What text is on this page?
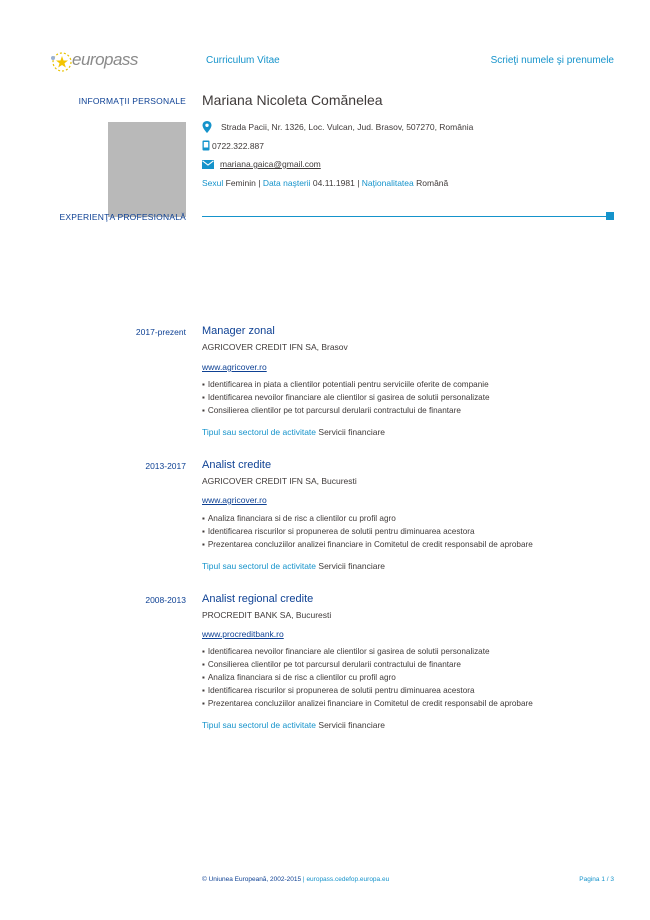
europass	Curriculum Vitae	Scrieţi numele şi prenumele
INFORMAŢII PERSONALE Mariana Nicoleta Comănelea
Strada Pacii, Nr. 1326, Loc. Vulcan, Jud. Brasov, 507270, România
0722.322.887
mariana.gaica@gmail.com
Sexul
Feminin | Data naşterii
04.11.1981 | Naţionalitatea
Română
EXPERIENŢA PROFESIONALĂ
2017-prezent Manager zonal
AGRICOVER CREDIT IFN SA, Brasov
www.agricover.ro
▪ Identificarea in piata a clientilor potentiali pentru serviciile oferite de companie
▪ Identificarea nevoilor financiare ale clientilor si gasirea de solutii personalizate
▪ Consilierea clientilor pe tot parcursul derularii contractului de finantare
Tipul sau sectorul de activitate Servicii financiare
2013-2017 Analist credite
AGRICOVER CREDIT IFN SA, Bucuresti
www.agricover.ro
▪ Analiza financiara si de risc a clientilor cu profil agro
▪ Identificarea riscurilor si propunerea de solutii pentru diminuarea acestora
▪ Prezentarea concluziilor analizei financiare in Comitetul de credit responsabil de aprobare
Tipul sau sectorul de activitate Servicii financiare
2008-2013 Analist regional credite
PROCREDIT BANK SA, Bucuresti
www.procreditbank.ro
▪ Identificarea nevoilor financiare ale clientilor si gasirea de solutii personalizate
▪ Consilierea clientilor pe tot parcursul derularii contractului de finantare
▪ Analiza financiara si de risc a clientilor cu profil agro
▪ Identificarea riscurilor si propunerea de solutii pentru diminuarea acestora
▪ Prezentarea concluziilor analizei financiare in Comitetul de credit responsabil de aprobare
Tipul sau sectorul de activitate Servicii financiare
© Uniunea Europeană, 2002-2015 | europass.cedefop.europa.eu	Pagina 1 / 3
